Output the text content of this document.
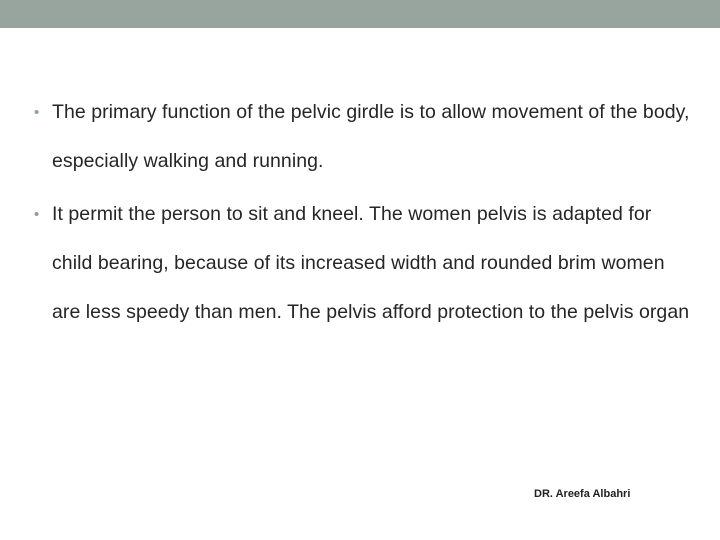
• The primary function of the pelvic girdle is to allow movement of the body, especially walking and running.
• It permit the person to sit and kneel. The women pelvis is adapted for child bearing, because of its increased width and rounded brim women are less speedy than men. The pelvis afford protection to the pelvis organ
DR. Areefa Albahri
